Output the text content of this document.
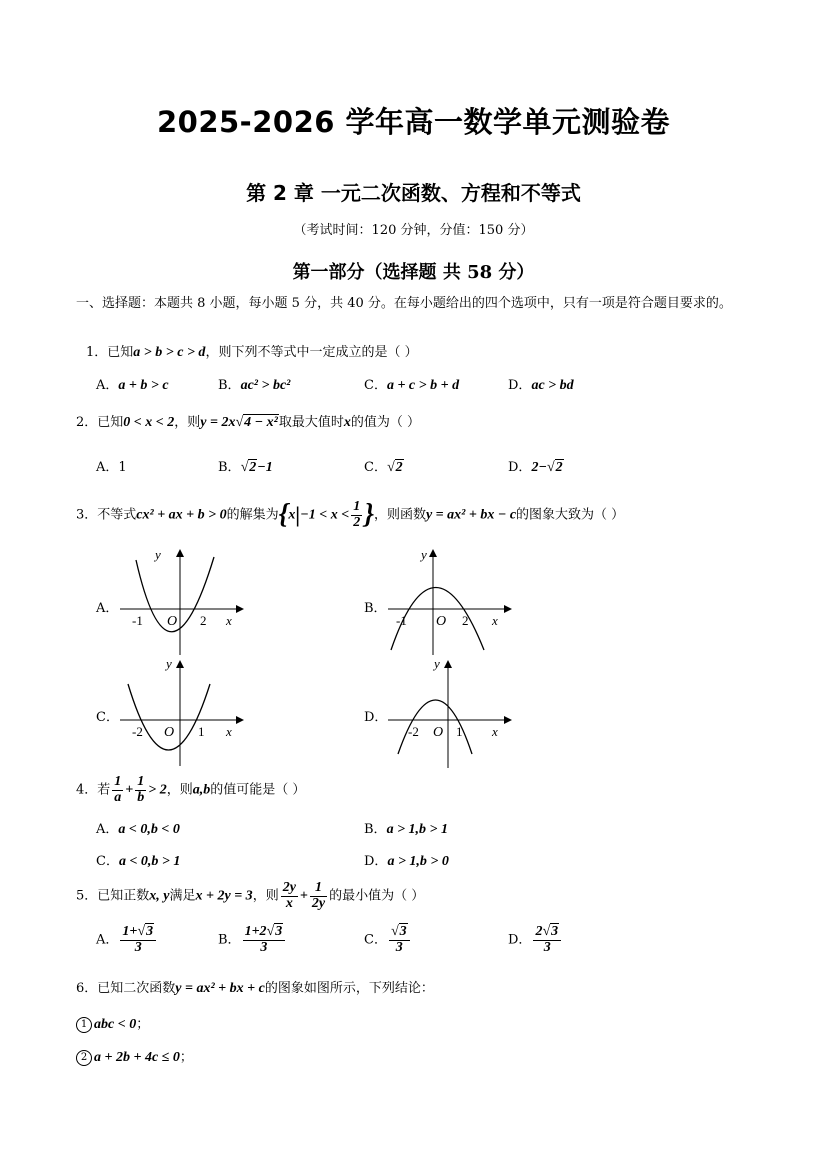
2025-2026 学年高一数学单元测验卷
第 2 章 一元二次函数、方程和不等式
（考试时间：120 分钟，分值：150 分）
第一部分（选择题 共 58 分）
一、选择题：本题共 8 小题，每小题 5 分，共 40 分。在每小题给出的四个选项中，只有一项是符合题目要求的。
1．已知a > b > c > d，则下列不等式中一定成立的是（ ）
A．a + b > c	B．ac² > bc²	C．a + c > b + d	D．ac > bd
2．已知0 < x < 2，则y = 2x√4 − x²取最大值时x的值为（ ）
A．1	B．√2−1	C．√2	D．2−√2
3．不等式cx² + ax + b > 0的解集为{$x|-1 < x < \frac{1}{2}$ }，则函数y = ax² + bx − c的图象大致为（ ）
A．	B．
C．	D．
-1 O 2 x
y
-1 O 2 x
y
-2 O 1 x
y
-2 O 1 x
y
4．若 $\frac{1}{a} + \frac{1}{b} > 2$，则a,b的值可能是（ ）
A．a < 0,b < 0	B．a > 1,b > 1
C．a < 0,b > 1	D．a > 1,b > 0
5．已知正数x, y满足x + 2y = 3，则 $\frac{2y}{x} + \frac{1}{2y}$ 的最小值为（ ）
A． $\frac{1+√3}{3}$	B． $\frac{1+2√3}{3}$	C． $\frac{√3}{3}$	D． $\frac{2√3}{3}$
6．已知二次函数y = ax² + bx + c的图象如图所示，下列结论：
1 abc < 0；
2 a + 2b + 4c ≤ 0；
